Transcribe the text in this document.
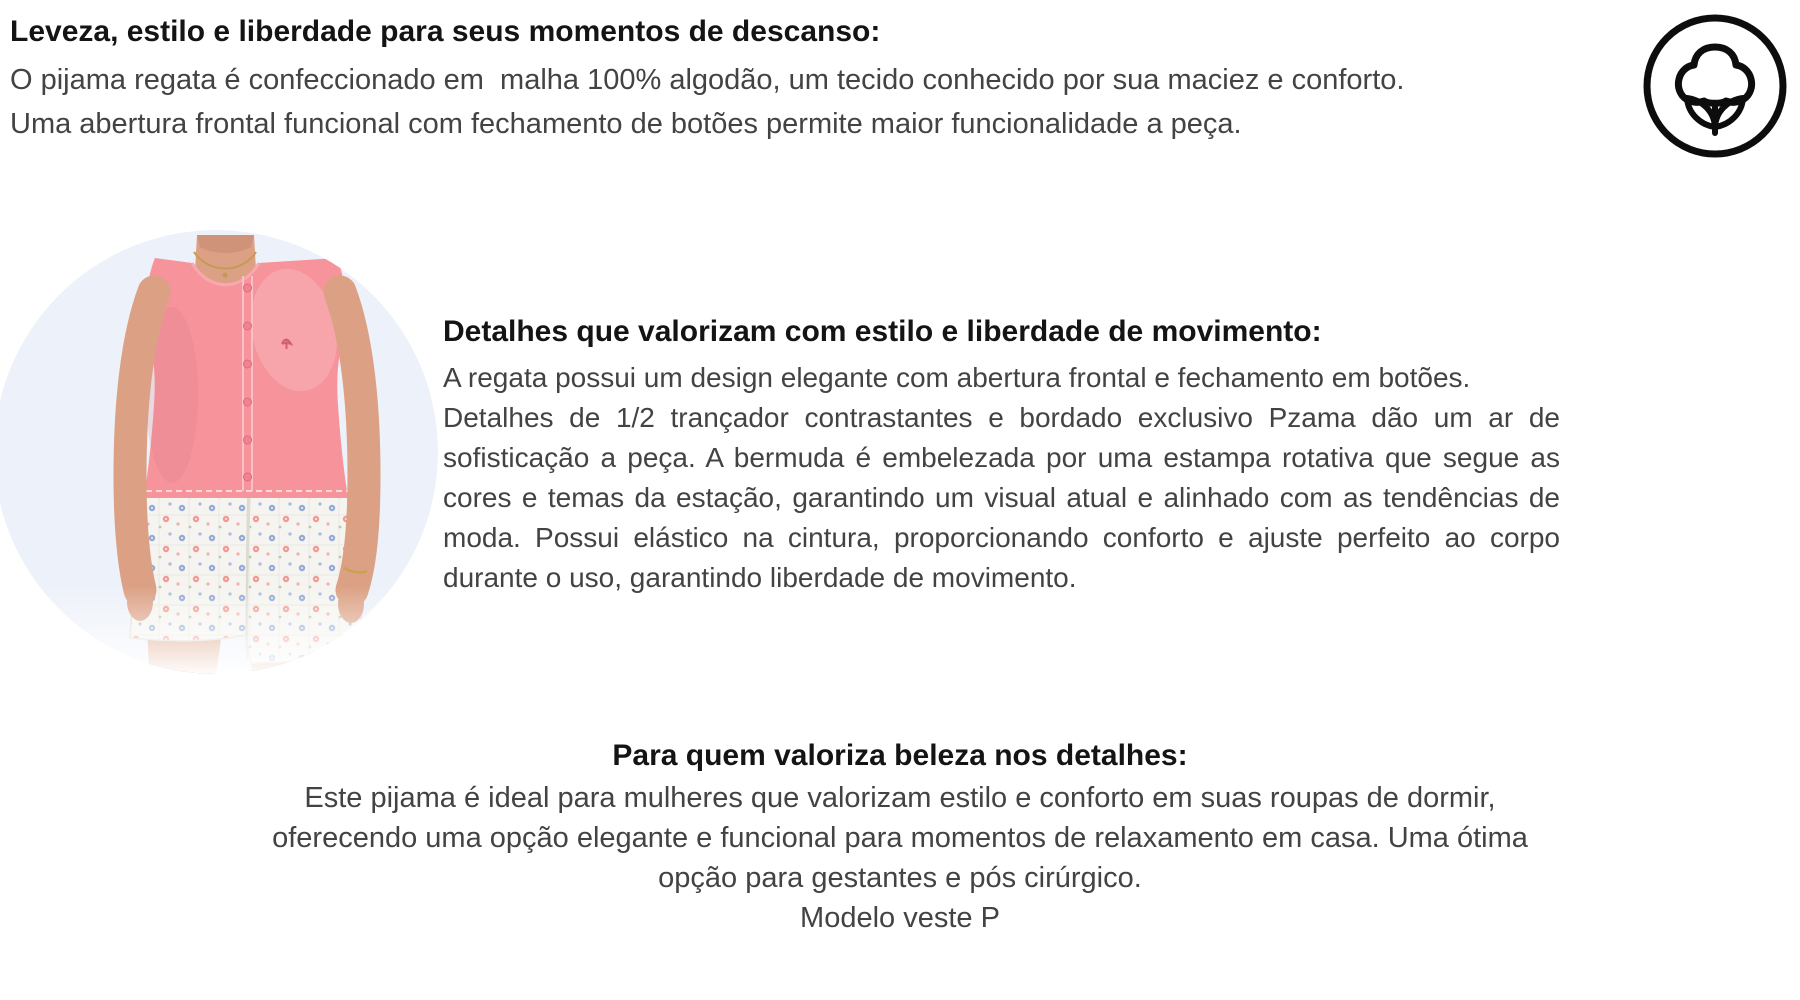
Leveza, estilo e liberdade para seus momentos de descanso:

O pijama regata é confeccionado em  malha 100% algodão, um tecido conhecido por sua maciez e conforto.

Uma abertura frontal funcional com fechamento de botões permite maior funcionalidade a peça.

Detalhes que valorizam com estilo e liberdade de movimento:

A regata possui um design elegante com abertura frontal e fechamento em botões.

Detalhes de 1/2 trançador contrastantes e bordado exclusivo Pzama dão um ar de

sofisticação a peça. A bermuda é embelezada por uma estampa rotativa que segue as

cores e temas da estação, garantindo um visual atual e alinhado com as tendências de

moda. Possui elástico na cintura, proporcionando conforto e ajuste perfeito ao corpo

durante o uso, garantindo liberdade de movimento.

Para quem valoriza beleza nos detalhes:

Este pijama é ideal para mulheres que valorizam estilo e conforto em suas roupas de dormir,

oferecendo uma opção elegante e funcional para momentos de relaxamento em casa. Uma ótima

opção para gestantes e pós cirúrgico.

Modelo veste P
